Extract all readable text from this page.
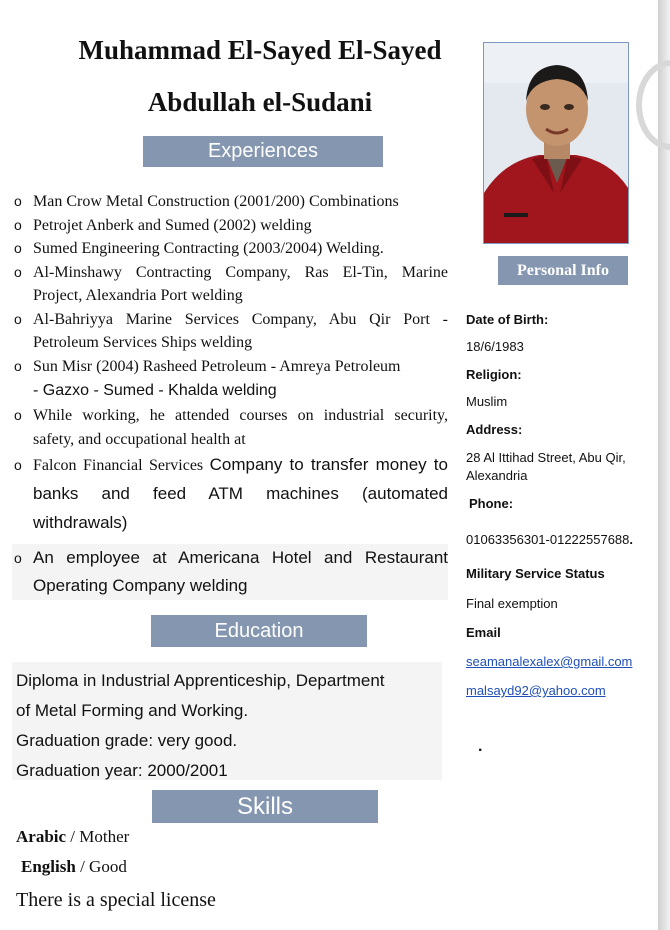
Muhammad El-Sayed El-Sayed
Abdullah el-Sudani
Experiences
o Man Crow Metal Construction (2001/200) Combinations
o Petrojet Anberk and Sumed (2002) welding
o Sumed Engineering Contracting (2003/2004) Welding.
o Al-Minshawy Contracting Company, Ras El-Tin, Marine Project, Alexandria Port welding
o Al-Bahriyya Marine Services Company, Abu Qir Port - Petroleum Services Ships welding
o Sun Misr (2004) Rasheed Petroleum - Amreya Petroleum
- Gazxo - Sumed - Khalda welding
o While working, he attended courses on industrial security, safety, and occupational health at
o Falcon Financial Services Company to transfer money to banks and feed ATM machines (automated withdrawals)
o An employee at Americana Hotel and Restaurant Operating Company welding
Education
Diploma in Industrial Apprenticeship, Department
of Metal Forming and Working.
Graduation grade: very good.
Graduation year: 2000/2001
Skills
Arabic / Mother
English / Good
There is a special license
Personal Info
Date of Birth:
18/6/1983
Religion:
Muslim
Address:
28 Al Ittihad Street, Abu Qir,
Alexandria
Phone:
01063356301-01222557688.
Military Service Status
Final exemption
Email
seamanalexalex@gmail.com
malsayd92@yahoo.com
.
